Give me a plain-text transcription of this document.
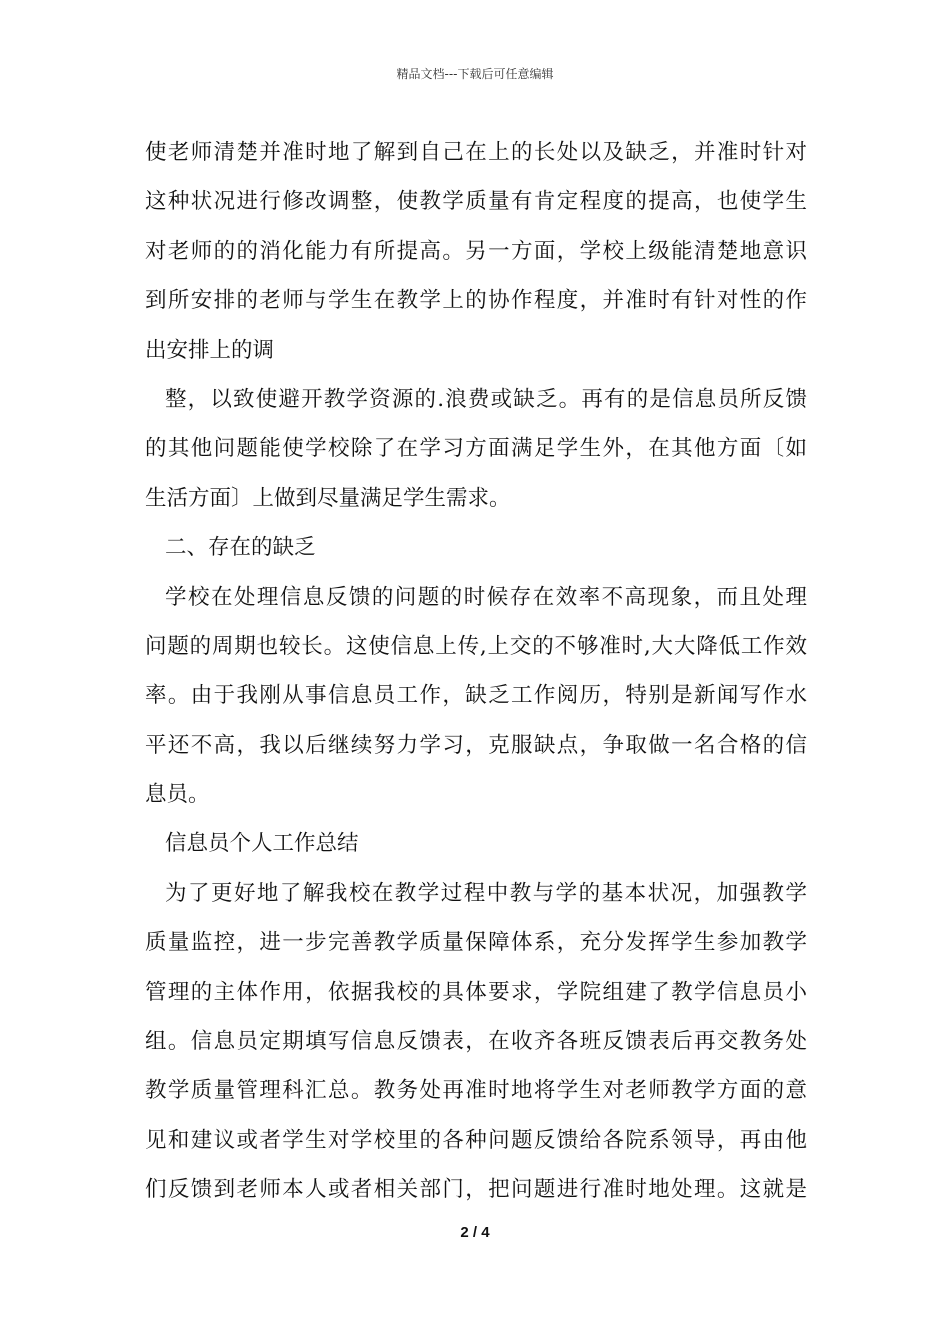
精品文档---下载后可任意编辑
使老师清楚并准时地了解到自己在上的长处以及缺乏，并准时针对
这种状况进行修改调整，使教学质量有肯定程度的提高，也使学生
对老师的的消化能力有所提高。另一方面，学校上级能清楚地意识
到所安排的老师与学生在教学上的协作程度，并准时有针对性的作
出安排上的调
整，以致使避开教学资源的.浪费或缺乏。再有的是信息员所反馈
的其他问题能使学校除了在学习方面满足学生外，在其他方面〔如
生活方面〕上做到尽量满足学生需求。
二、存在的缺乏
学校在处理信息反馈的问题的时候存在效率不高现象，而且处理
问题的周期也较长。这使信息上传,上交的不够准时,大大降低工作效
率。由于我刚从事信息员工作，缺乏工作阅历，特别是新闻写作水
平还不高，我以后继续努力学习，克服缺点，争取做一名合格的信
息员。
信息员个人工作总结
为了更好地了解我校在教学过程中教与学的基本状况，加强教学
质量监控，进一步完善教学质量保障体系，充分发挥学生参加教学
管理的主体作用，依据我校的具体要求，学院组建了教学信息员小
组。信息员定期填写信息反馈表，在收齐各班反馈表后再交教务处
教学质量管理科汇总。教务处再准时地将学生对老师教学方面的意
见和建议或者学生对学校里的各种问题反馈给各院系领导，再由他
们反馈到老师本人或者相关部门，把问题进行准时地处理。这就是
2 / 4
